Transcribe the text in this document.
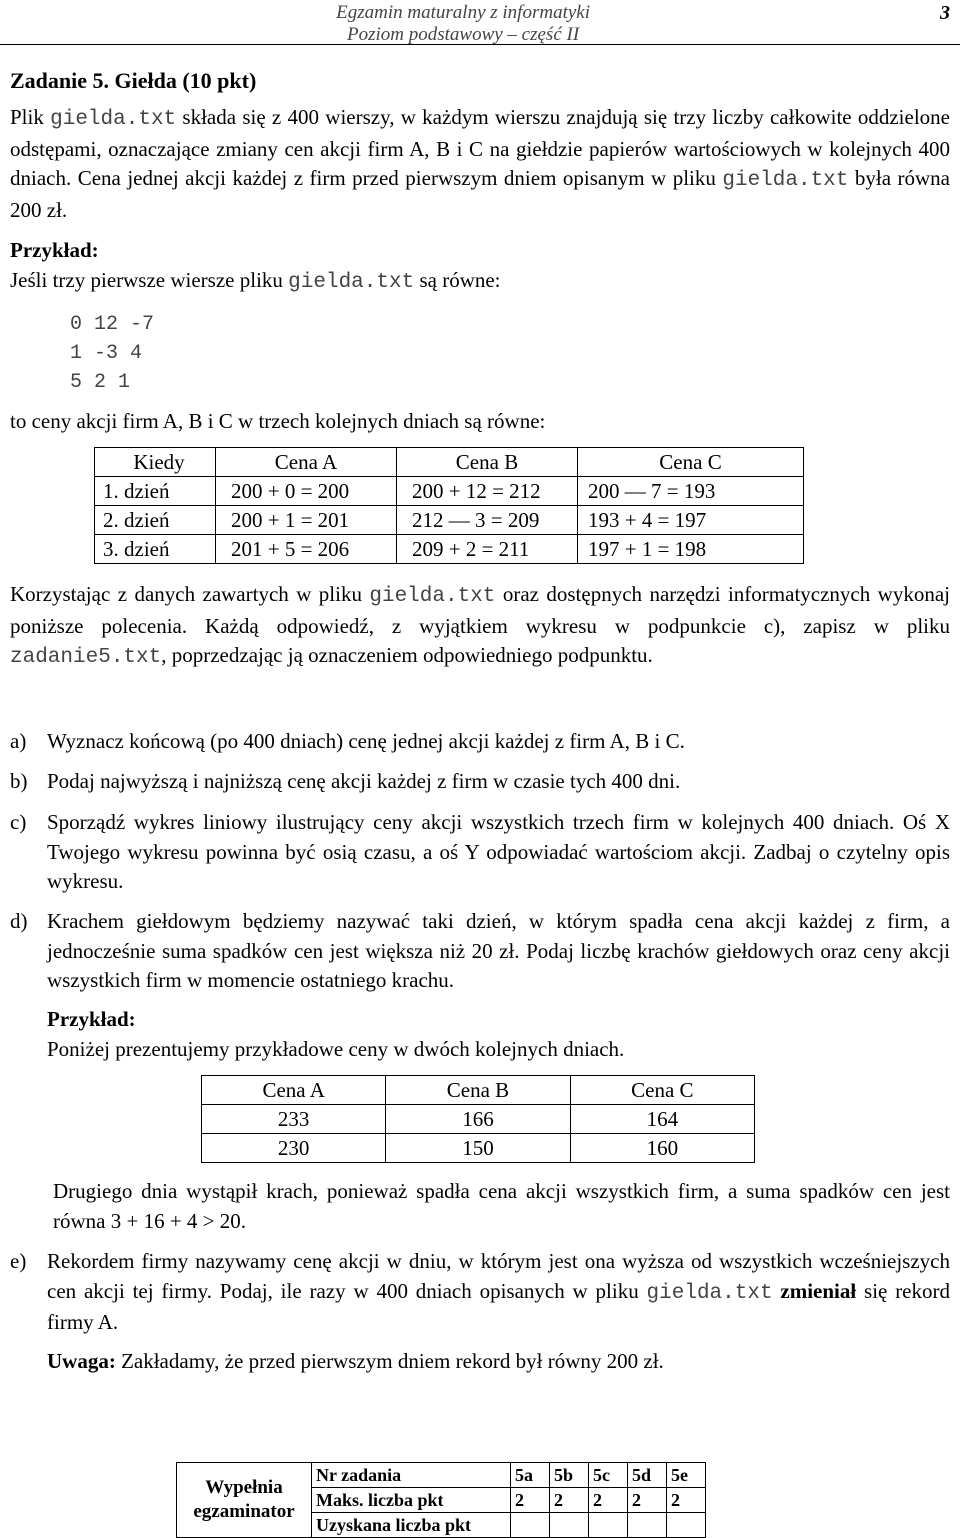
Egzamin maturalny z informatyki
Poziom podstawowy – część II
3
Zadanie 5. Giełda (10 pkt)

Plik gielda.txt składa się z 400 wierszy, w każdym wierszu znajdują się trzy liczby całkowite oddzielone odstępami, oznaczające zmiany cen akcji firm A, B i C na giełdzie papierów wartościowych w kolejnych 400 dniach. Cena jednej akcji każdej z firm przed pierwszym dniem opisanym w pliku gielda.txt była równa 200 zł.

Przykład:

Jeśli trzy pierwsze wiersze pliku gielda.txt są równe:

0 12 -7
1 -3 4
5 2 1

to ceny akcji firm A, B i C w trzech kolejnych dniach są równe:

Kiedy	Cena A	Cena B	Cena C
1. dzień	200 + 0 = 200	200 + 12 = 212	200 — 7 = 193
2. dzień	200 + 1 = 201	212 — 3 = 209	193 + 4 = 197
3. dzień	201 + 5 = 206	209 + 2 = 211	197 + 1 = 198

Korzystając z danych zawartych w pliku gielda.txt oraz dostępnych narzędzi informatycznych wykonaj poniższe polecenia. Każdą odpowiedź, z wyjątkiem wykresu w podpunkcie c), zapisz w pliku zadanie5.txt, poprzedzając ją oznaczeniem odpowiedniego podpunktu.

a) Wyznacz końcową (po 400 dniach) cenę jednej akcji każdej z firm A, B i C.
b) Podaj najwyższą i najniższą cenę akcji każdej z firm w czasie tych 400 dni.
c) Sporządź wykres liniowy ilustrujący ceny akcji wszystkich trzech firm w kolejnych 400 dniach. Oś X Twojego wykresu powinna być osią czasu, a oś Y odpowiadać wartościom akcji. Zadbaj o czytelny opis wykresu.
d) Krachem giełdowym będziemy nazywać taki dzień, w którym spadła cena akcji każdej z firm, a jednocześnie suma spadków cen jest większa niż 20 zł. Podaj liczbę krachów giełdowych oraz ceny akcji wszystkich firm w momencie ostatniego krachu.
Przykład:
Poniżej prezentujemy przykładowe ceny w dwóch kolejnych dniach.
Cena A	Cena B	Cena C
233	166	164
230	150	160

Drugiego dnia wystąpił krach, ponieważ spadła cena akcji wszystkich firm, a suma spadków cen jest równa 3 + 16 + 4 > 20.

e) Rekordem firmy nazywamy cenę akcji w dniu, w którym jest ona wyższa od wszystkich wcześniejszych cen akcji tej firmy. Podaj, ile razy w 400 dniach opisanych w pliku gielda.txt zmieniał się rekord firmy A.
Uwaga: Zakładamy, że przed pierwszym dniem rekord był równy 200 zł.
Wypełnia egzaminator	Nr zadania	5a	5b	5c	5d	5e
	Maks. liczba pkt	2	2	2	2	2
	Uzyskana liczba pkt					
